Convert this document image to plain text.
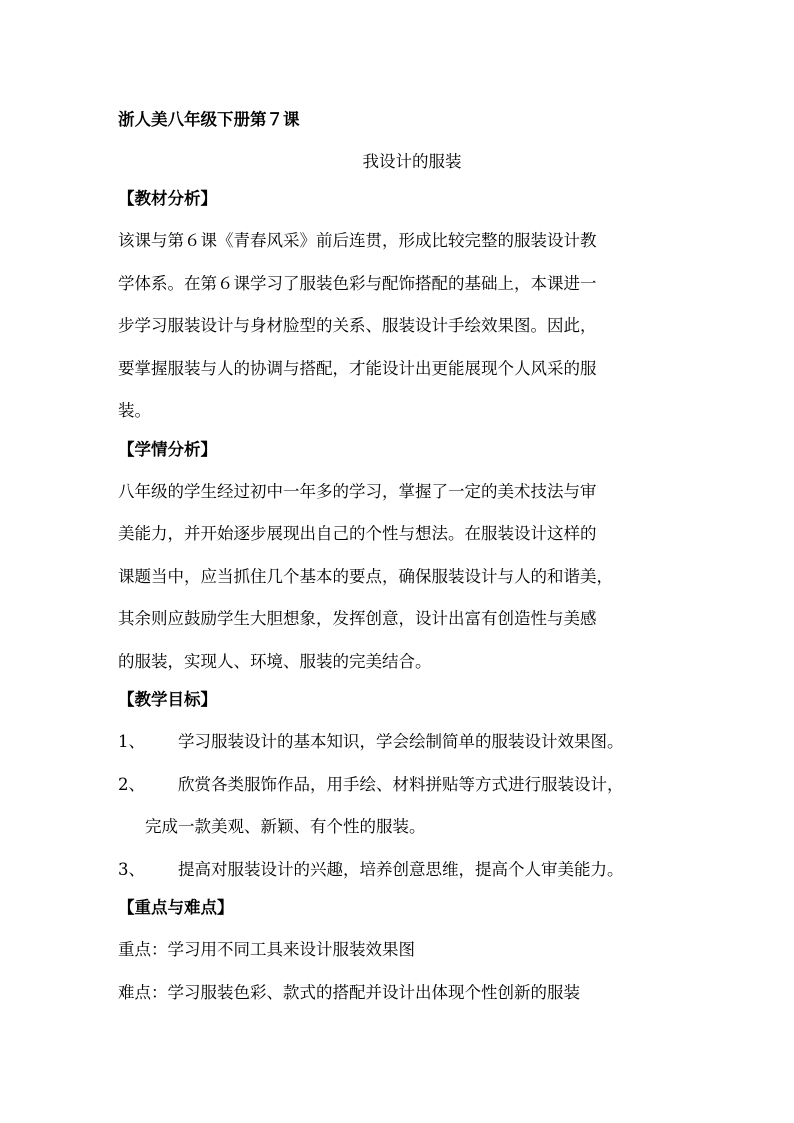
浙人美八年级下册第７课
我设计的服装
【教材分析】
该课与第６课《青春风采》前后连贯，形成比较完整的服装设计教
学体系。在第６课学习了服装色彩与配饰搭配的基础上，本课进一
步学习服装设计与身材脸型的关系、服装设计手绘效果图。因此，
要掌握服装与人的协调与搭配，才能设计出更能展现个人风采的服
装。
【学情分析】
八年级的学生经过初中一年多的学习，掌握了一定的美术技法与审
美能力，并开始逐步展现出自己的个性与想法。在服装设计这样的
课题当中，应当抓住几个基本的要点，确保服装设计与人的和谐美，
其余则应鼓励学生大胆想象，发挥创意，设计出富有创造性与美感
的服装，实现人、环境、服装的完美结合。
【教学目标】
1、 学习服装设计的基本知识，学会绘制简单的服装设计效果图。
2、 欣赏各类服饰作品，用手绘、材料拼贴等方式进行服装设计，
完成一款美观、新颖、有个性的服装。
3、 提高对服装设计的兴趣，培养创意思维，提高个人审美能力。
【重点与难点】
重点：学习用不同工具来设计服装效果图
难点：学习服装色彩、款式的搭配并设计出体现个性创新的服装
